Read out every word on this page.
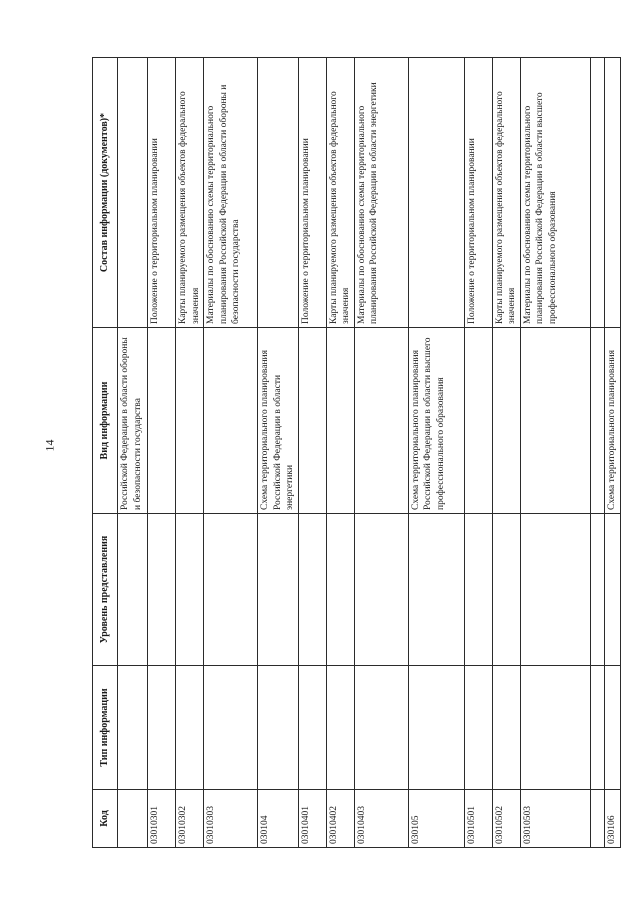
14
Код	Тип информации	Уровень представления	Вид информации	Состав информации (документов)*
			Российской Федерации в области обороны и безопасности государства	
03010301				Положение о территориальном планировании
03010302				Карты планируемого размещения объектов федерального значения
03010303				Материалы по обоснованию схемы территориального планирования Российской Федерации в области обороны и безопасности государства
030104			Схема территориального планирования Российской Федерации в области энергетики	
03010401				Положение о территориальном планировании
03010402				Карты планируемого размещения объектов федерального значения
03010403				Материалы по обоснованию схемы территориального планирования Российской Федерации в области энергетики
030105			Схема территориального планирования Российской Федерации в области высшего профессионального образования	
03010501				Положение о территориальном планировании
03010502				Карты планируемого размещения объектов федерального значения
03010503				Материалы по обоснованию схемы территориального планирования Российской Федерации в области высшего профессионального образования

030106			Схема территориального планирования	
